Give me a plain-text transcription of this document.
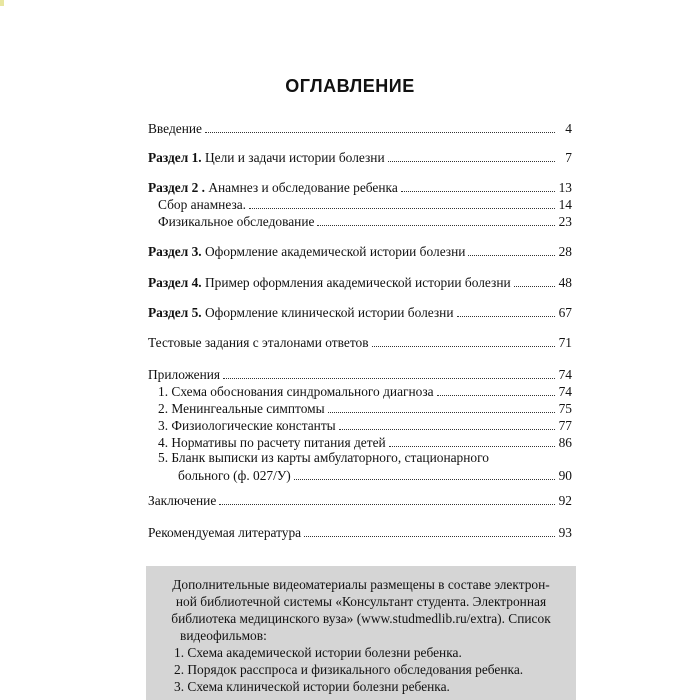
ОГЛАВЛЕНИЕ
Введение	4
Раздел 1. Цели и задачи истории болезни	7
Раздел 2 . Анамнез и обследование ребенка	13
Сбор анамнеза.	14
Физикальное обследование	23
Раздел 3. Оформление академической истории болезни	28
Раздел 4. Пример оформления академической истории болезни	48
Раздел 5. Оформление клинической истории болезни	67
Тестовые задания с эталонами ответов	71
Приложения	74
1. Схема обоснования синдромального диагноза	74
2. Менингеальные симптомы	75
3. Физиологические константы	77
4. Нормативы по расчету питания детей	86
5. Бланк выписки из карты амбулаторного, стационарного
больного (ф. 027/У)	90
Заключение	92
Рекомендуемая литература	93
Дополнительные видеоматериалы размещены в составе электрон-
ной библиотечной системы «Консультант студента. Электронная
библиотека медицинского вуза» (www.studmedlib.ru/extra). Список
видеофильмов:
1. Схема академической истории болезни ребенка.
2. Порядок расспроса и физикального обследования ребенка.
3. Схема клинической истории болезни ребенка.
